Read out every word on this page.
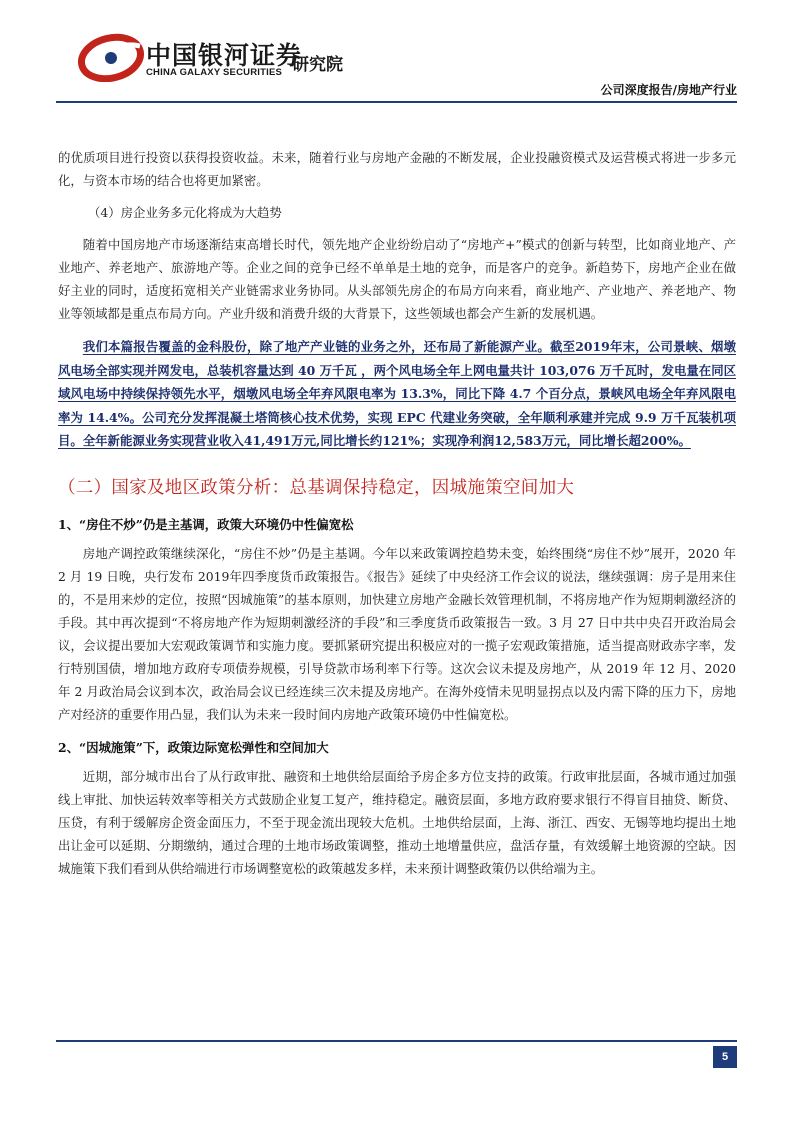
中国银河证券
CHINA GALAXY SECURITIES 研究院
公司深度报告/房地产行业

的优质项目进行投资以获得投资收益。未来，随着行业与房地产金融的不断发展，企业投融资模式及运营模式将进一步多元化，与资本市场的结合也将更加紧密。

（4）房企业务多元化将成为大趋势

随着中国房地产市场逐渐结束高增长时代，领先地产企业纷纷启动了“房地产+”模式的创新与转型，比如商业地产、产业地产、养老地产、旅游地产等。企业之间的竞争已经不单单是土地的竞争，而是客户的竞争。新趋势下，房地产企业在做好主业的同时，适度拓宽相关产业链需求业务协同。从头部领先房企的布局方向来看，商业地产、产业地产、养老地产、物业等领域都是重点布局方向。产业升级和消费升级的大背景下，这些领域也都会产生新的发展机遇。

我们本篇报告覆盖的金科股份，除了地产产业链的业务之外，还布局了新能源产业。截至2019年末，公司景峡、烟墩风电场全部实现并网发电，总装机容量达到 40 万千瓦 ，两个风电场全年上网电量共计 103,076 万千瓦时，发电量在同区域风电场中持续保持领先水平，烟墩风电场全年弃风限电率为 13.3%，同比下降 4.7 个百分点，景峡风电场全年弃风限电率为 14.4%。公司充分发挥混凝土塔筒核心技术优势，实现 EPC 代建业务突破，全年顺利承建并完成 9.9 万千瓦装机项目。全年新能源业务实现营业收入41,491万元,同比增长约121%；实现净利润12,583万元，同比增长超200%。

（二）国家及地区政策分析：总基调保持稳定，因城施策空间加大

1、“房住不炒”仍是主基调，政策大环境仍中性偏宽松

房地产调控政策继续深化，“房住不炒”仍是主基调。今年以来政策调控趋势未变，始终围绕“房住不炒”展开，2020 年 2 月 19 日晚，央行发布 2019年四季度货币政策报告。《报告》延续了中央经济工作会议的说法，继续强调：房子是用来住的，不是用来炒的定位，按照“因城施策”的基本原则，加快建立房地产金融长效管理机制，不将房地产作为短期刺激经济的手段。其中再次提到“不将房地产作为短期刺激经济的手段”和三季度货币政策报告一致。3 月 27 日中共中央召开政治局会议，会议提出要加大宏观政策调节和实施力度。要抓紧研究提出积极应对的一揽子宏观政策措施，适当提高财政赤字率，发行特别国债，增加地方政府专项债券规模，引导贷款市场利率下行等。这次会议未提及房地产，从 2019 年 12 月、2020 年 2 月政治局会议到本次，政治局会议已经连续三次未提及房地产。在海外疫情未见明显拐点以及内需下降的压力下，房地产对经济的重要作用凸显，我们认为未来一段时间内房地产政策环境仍中性偏宽松。

2、“因城施策”下，政策边际宽松弹性和空间加大

近期，部分城市出台了从行政审批、融资和土地供给层面给予房企多方位支持的政策。行政审批层面，各城市通过加强线上审批、加快运转效率等相关方式鼓励企业复工复产，维持稳定。融资层面，多地方政府要求银行不得盲目抽贷、断贷、压贷，有利于缓解房企资金面压力，不至于现金流出现较大危机。土地供给层面，上海、浙江、西安、无锡等地均提出土地出让金可以延期、分期缴纳，通过合理的土地市场政策调整，推动土地增量供应，盘活存量，有效缓解土地资源的空缺。因城施策下我们看到从供给端进行市场调整宽松的政策越发多样，未来预计调整政策仍以供给端为主。

5
